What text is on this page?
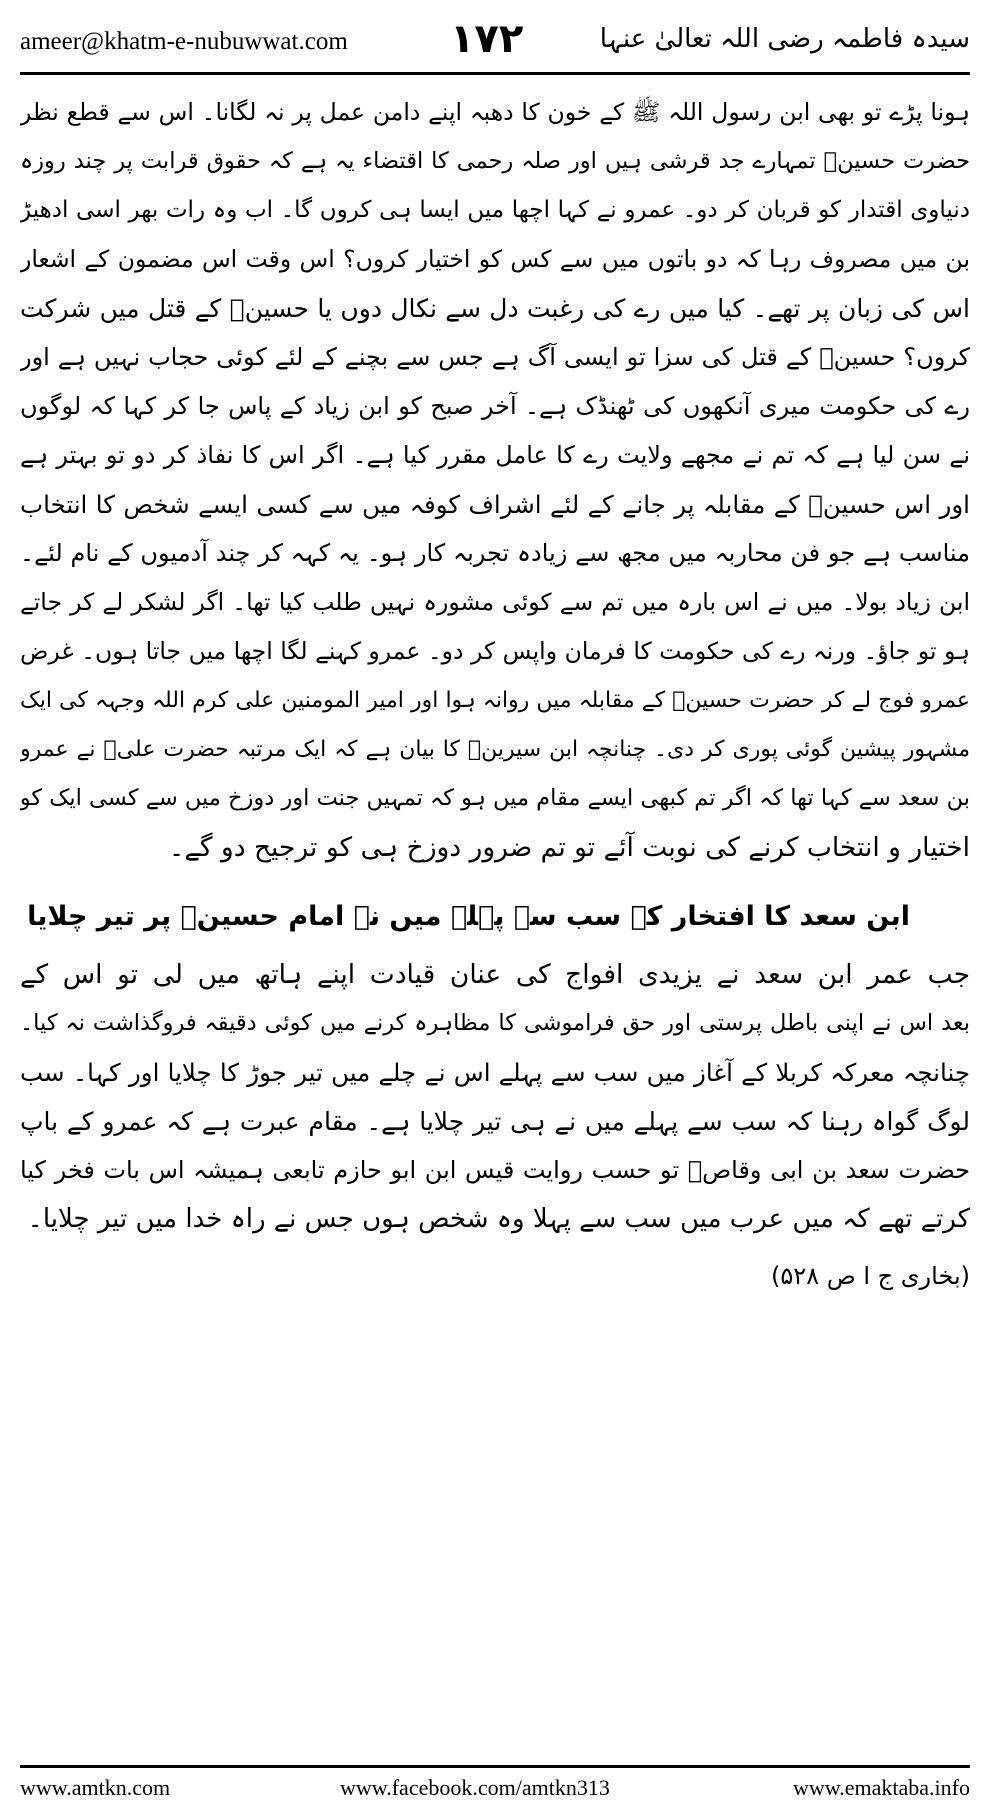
ameer@khatm-e-nubuwwat.com	۱۷۲	سیدہ فاطمہ رضی اللہ تعالیٰ عنہا

ہونا پڑے تو بھی ابن رسول اللہ ﷺ کے خون کا دھبہ اپنے دامن عمل پر نہ لگانا۔ اس سے قطع نظر
حضرت حسینؓ تمہارے جد قرشی ہیں اور صلہ رحمی کا اقتضاء یہ ہے کہ حقوق قرابت پر چند روزہ
دنیاوی اقتدار کو قربان کر دو۔ عمرو نے کہا اچھا میں ایسا ہی کروں گا۔ اب وہ رات بھر اسی ادھیڑ
بن میں مصروف رہا کہ دو باتوں میں سے کس کو اختیار کروں؟ اس وقت اس مضمون کے اشعار
اس کی زبان پر تھے۔ کیا میں رے کی رغبت دل سے نکال دوں یا حسینؓ کے قتل میں شرکت
کروں؟ حسینؓ کے قتل کی سزا تو ایسی آگ ہے جس سے بچنے کے لئے کوئی حجاب نہیں ہے اور
رے کی حکومت میری آنکھوں کی ٹھنڈک ہے۔ آخر صبح کو ابن زیاد کے پاس جا کر کہا کہ لوگوں
نے سن لیا ہے کہ تم نے مجھے ولایت رے کا عامل مقرر کیا ہے۔ اگر اس کا نفاذ کر دو تو بہتر ہے
اور اس حسینؓ کے مقابلہ پر جانے کے لئے اشراف کوفہ میں سے کسی ایسے شخص کا انتخاب
مناسب ہے جو فن محاربہ میں مجھ سے زیادہ تجربہ کار ہو۔ یہ کہہ کر چند آدمیوں کے نام لئے۔
ابن زیاد بولا۔ میں نے اس بارہ میں تم سے کوئی مشورہ نہیں طلب کیا تھا۔ اگر لشکر لے کر جاتے
ہو تو جاؤ۔ ورنہ رے کی حکومت کا فرمان واپس کر دو۔ عمرو کہنے لگا اچھا میں جاتا ہوں۔ غرض
عمرو فوج لے کر حضرت حسینؓ کے مقابلہ میں روانہ ہوا اور امیر المومنین علی کرم اللہ وجہہ کی ایک
مشہور پیشین گوئی پوری کر دی۔ چنانچہ ابن سیرینؒ کا بیان ہے کہ ایک مرتبہ حضرت علیؓ نے عمرو
بن سعد سے کہا تھا کہ اگر تم کبھی ایسے مقام میں ہو کہ تمہیں جنت اور دوزخ میں سے کسی ایک کو
اختیار و انتخاب کرنے کی نوبت آئے تو تم ضرور دوزخ ہی کو ترجیح دو گے۔

ابن سعد کا افتخار کہ سب سے پہلے میں نے امام حسینؓ پر تیر چلایا

جب عمر ابن سعد نے یزیدی افواج کی عنان قیادت اپنے ہاتھ میں لی تو اس کے
بعد اس نے اپنی باطل پرستی اور حق فراموشی کا مظاہرہ کرنے میں کوئی دقیقہ فروگذاشت نہ کیا۔
چنانچہ معرکہ کربلا کے آغاز میں سب سے پہلے اس نے چلے میں تیر جوڑ کا چلایا اور کہا۔ سب
لوگ گواہ رہنا کہ سب سے پہلے میں نے ہی تیر چلایا ہے۔ مقام عبرت ہے کہ عمرو کے باپ
حضرت سعد بن ابی وقاصؓ تو حسب روایت قیس ابن ابو حازم تابعی ہمیشہ اس بات فخر کیا
کرتے تھے کہ میں عرب میں سب سے پہلا وہ شخص ہوں جس نے راہ خدا میں تیر چلایا۔

(بخاری ج ا ص ۵۲۸)
www.amtkn.com	www.facebook.com/amtkn313	www.emaktaba.info
